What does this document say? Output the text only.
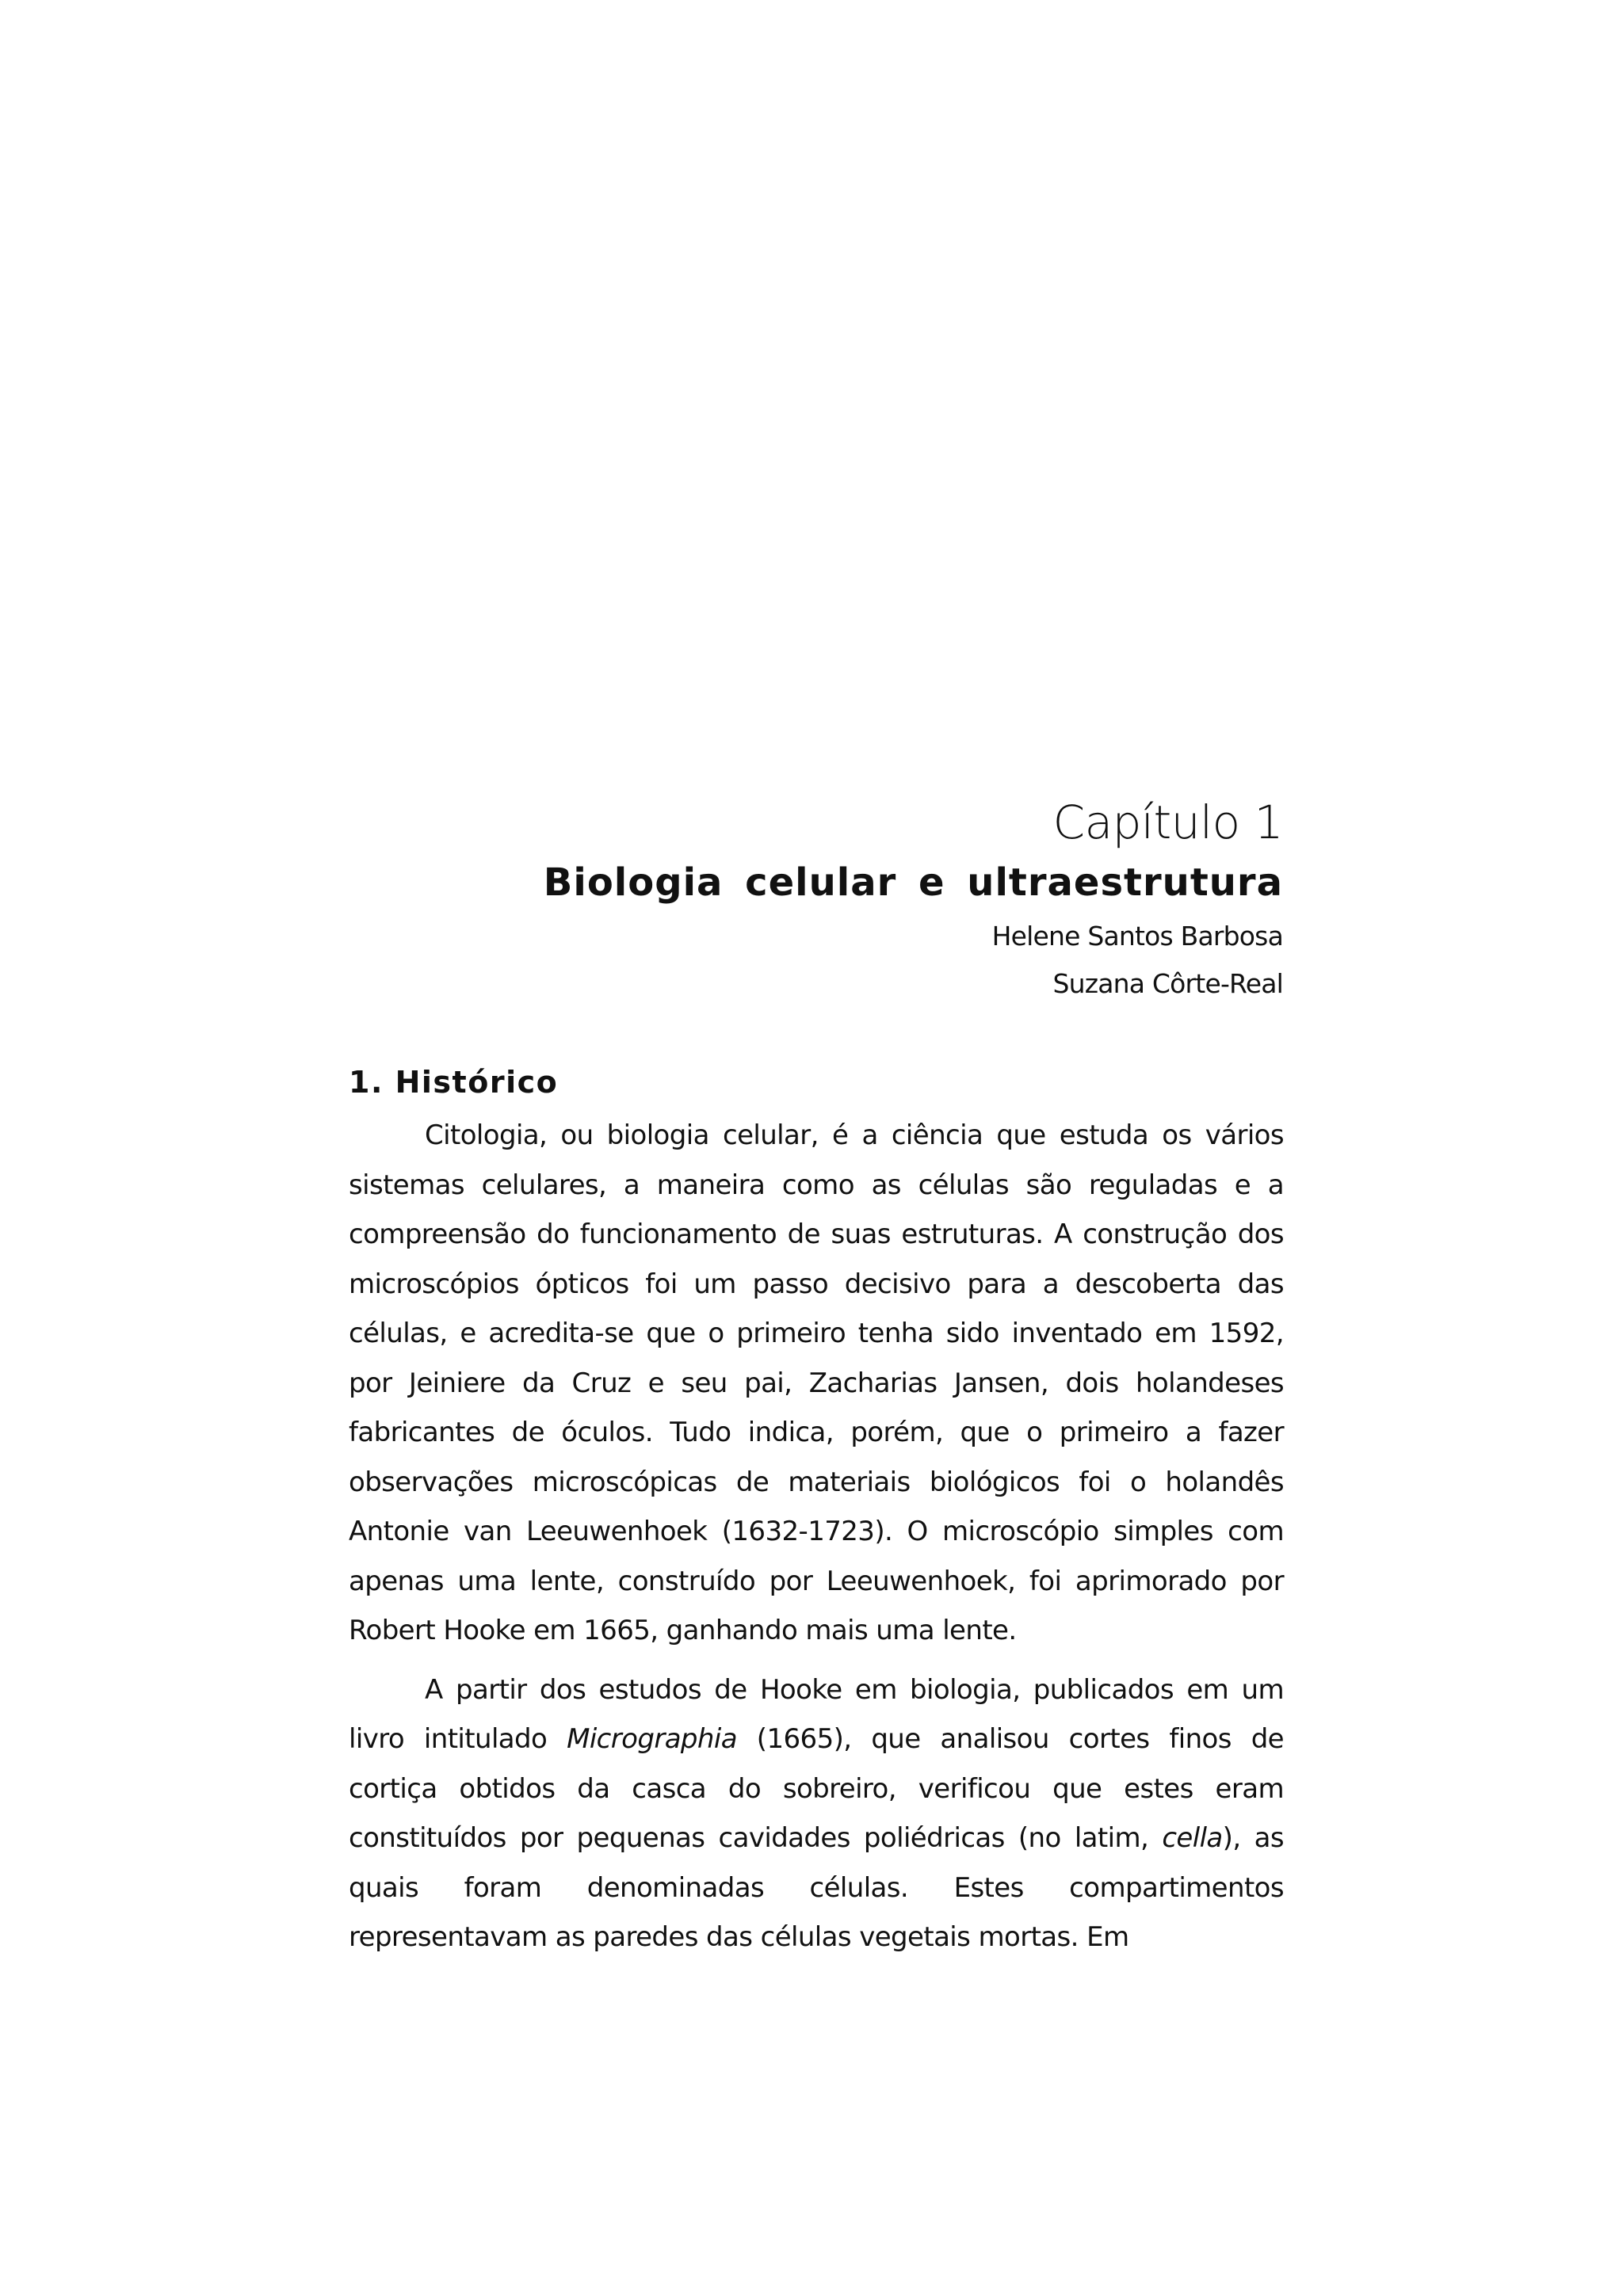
Capítulo 1
Biologia celular e ultraestrutura
Helene Santos Barbosa
Suzana Côrte-Real
1. Histórico

Citologia, ou biologia celular, é a ciência que estuda os vários sistemas celulares, a maneira como as células são reguladas e a compreensão do funcionamento de suas estruturas. A construção dos microscópios ópticos foi um passo decisivo para a descoberta das células, e acredita-se que o primeiro tenha sido inventado em 1592, por Jeiniere da Cruz e seu pai, Zacharias Jansen, dois holandeses fabricantes de óculos. Tudo indica, porém, que o primeiro a fazer observações microscópicas de materiais biológicos foi o holandês Antonie van Leeuwenhoek (1632-1723). O microscópio simples com apenas uma lente, construído por Leeuwenhoek, foi aprimorado por Robert Hooke em 1665, ganhando mais uma lente.

A partir dos estudos de Hooke em biologia, publicados em um livro intitulado Micrographia (1665), que analisou cortes finos de cortiça obtidos da casca do sobreiro, verificou que estes eram constituídos por pequenas cavidades poliédricas (no latim, cella), as quais foram denominadas células. Estes compartimentos representavam as paredes das células vegetais mortas. Em
